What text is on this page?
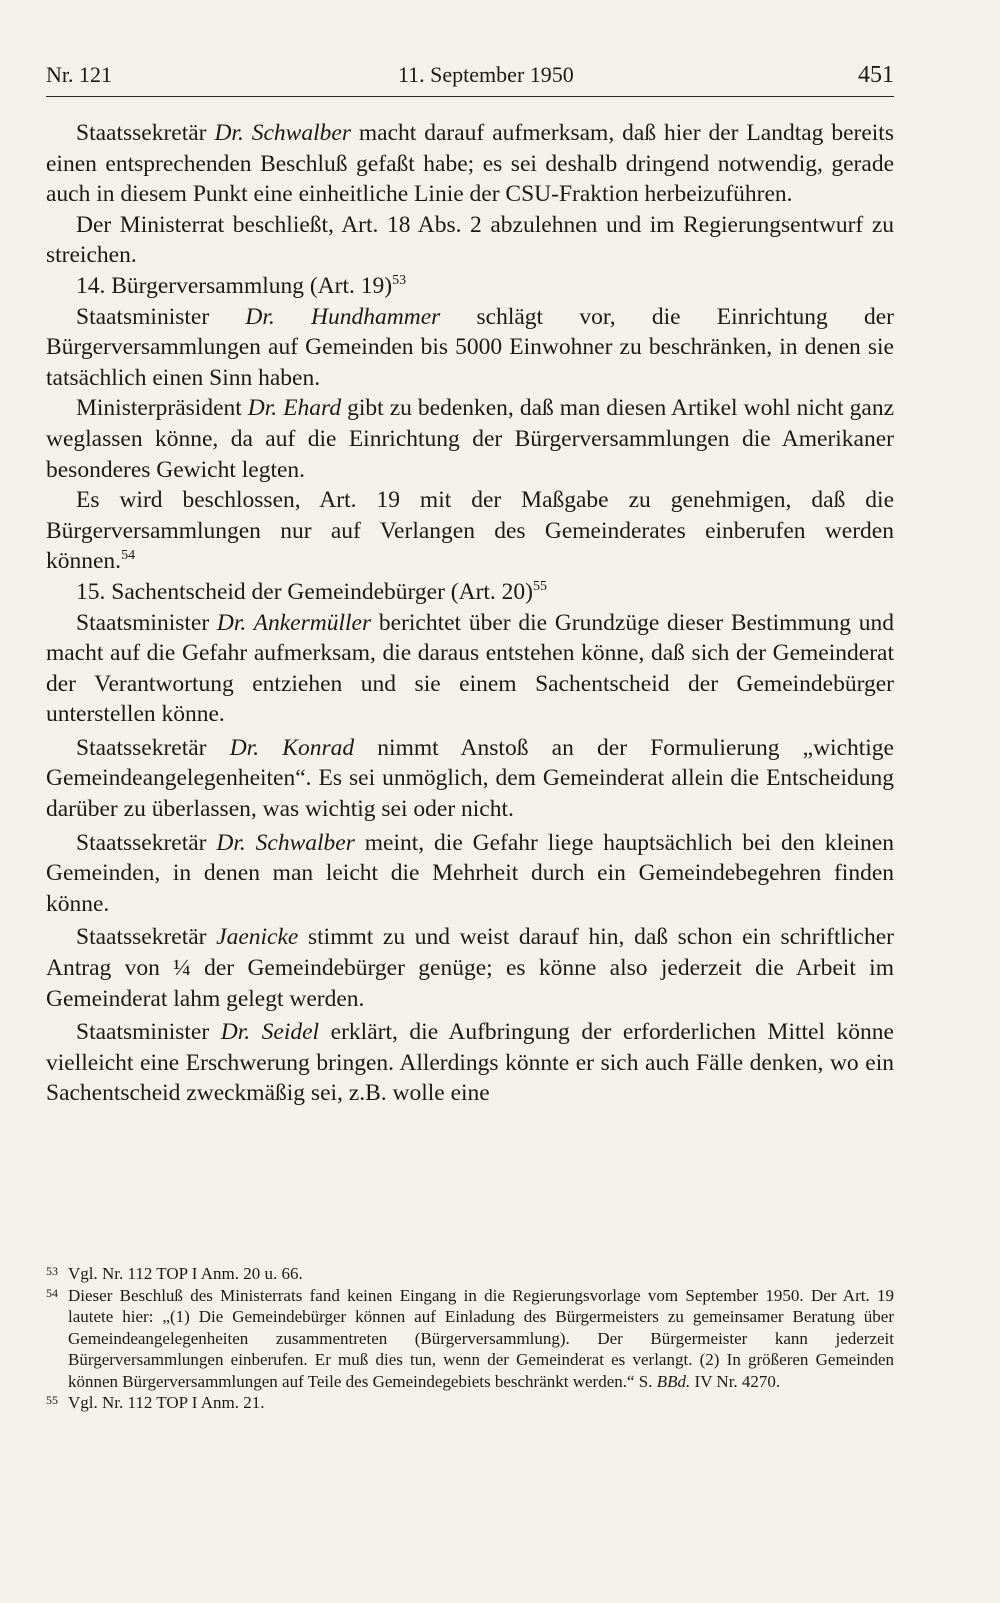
Nr. 121	11. September 1950	451

Staatssekretär Dr. Schwalber macht darauf aufmerksam, daß hier der Landtag bereits einen entsprechenden Beschluß gefaßt habe; es sei deshalb dringend notwendig, gerade auch in diesem Punkt eine einheitliche Linie der CSU-Fraktion herbeizuführen.

Der Ministerrat beschließt, Art. 18 Abs. 2 abzulehnen und im Regierungsentwurf zu streichen.

14. Bürgerversammlung (Art. 19)$^{53}$

Staatsminister Dr. Hundhammer schlägt vor, die Einrichtung der Bürgerversammlungen auf Gemeinden bis 5000 Einwohner zu beschränken, in denen sie tatsächlich einen Sinn haben.

Ministerpräsident Dr. Ehard gibt zu bedenken, daß man diesen Artikel wohl nicht ganz weglassen könne, da auf die Einrichtung der Bürgerversammlungen die Amerikaner besonderes Gewicht legten.

Es wird beschlossen, Art. 19 mit der Maßgabe zu genehmigen, daß die Bürgerversammlungen nur auf Verlangen des Gemeinderates einberufen werden können.$^{54}$

15. Sachentscheid der Gemeindebürger (Art. 20)$^{55}$

Staatsminister Dr. Ankermüller berichtet über die Grundzüge dieser Bestimmung und macht auf die Gefahr aufmerksam, die daraus entstehen könne, daß sich der Gemeinderat der Verantwortung entziehen und sie einem Sachentscheid der Gemeindebürger unterstellen könne.

Staatssekretär Dr. Konrad nimmt Anstoß an der Formulierung „wichtige Gemeindeangelegenheiten“. Es sei unmöglich, dem Gemeinderat allein die Entscheidung darüber zu überlassen, was wichtig sei oder nicht.

Staatssekretär Dr. Schwalber meint, die Gefahr liege hauptsächlich bei den kleinen Gemeinden, in denen man leicht die Mehrheit durch ein Gemeindebegehren finden könne.

Staatssekretär Jaenicke stimmt zu und weist darauf hin, daß schon ein schriftlicher Antrag von ¼ der Gemeindebürger genüge; es könne also jederzeit die Arbeit im Gemeinderat lahm gelegt werden.

Staatsminister Dr. Seidel erklärt, die Aufbringung der erforderlichen Mittel könne vielleicht eine Erschwerung bringen. Allerdings könnte er sich auch Fälle denken, wo ein Sachentscheid zweckmäßig sei, z.B. wolle eine

53 Vgl. Nr. 112 TOP I Anm. 20 u. 66.

54 Dieser Beschluß des Ministerrats fand keinen Eingang in die Regierungsvorlage vom September 1950. Der Art. 19 lautete hier: „(1) Die Gemeindebürger können auf Einladung des Bürgermeisters zu gemeinsamer Beratung über Gemeindeangelegenheiten zusammentreten (Bürgerversammlung). Der Bürgermeister kann jederzeit Bürgerversammlungen einberufen. Er muß dies tun, wenn der Gemeinderat es verlangt. (2) In größeren Gemeinden können Bürgerversammlungen auf Teile des Gemeindegebiets beschränkt werden.“ S. BBd. IV Nr. 4270.

55 Vgl. Nr. 112 TOP I Anm. 21.
